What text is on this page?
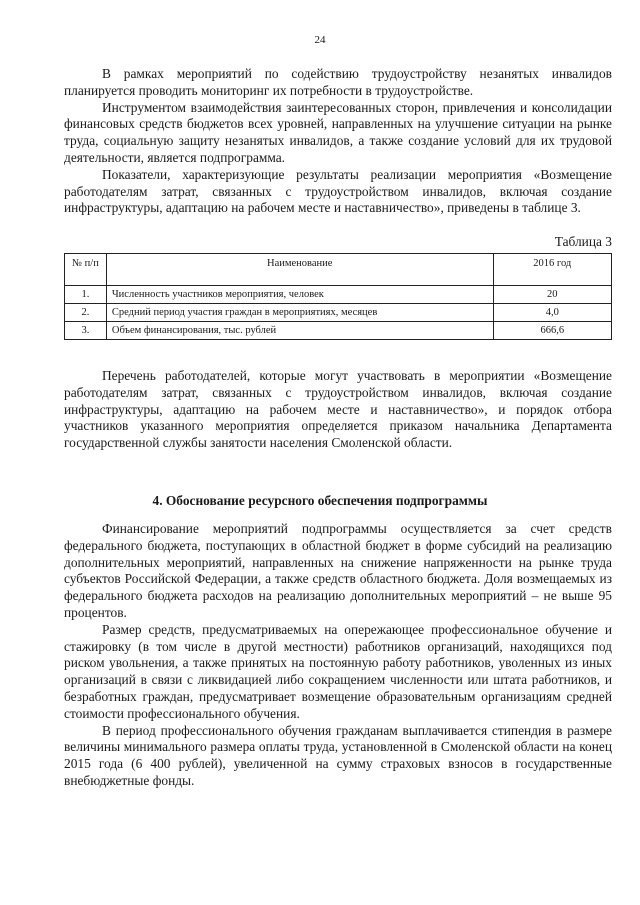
24

В рамках мероприятий по содействию трудоустройству незанятых инвалидов планируется проводить мониторинг их потребности в трудоустройстве.

Инструментом взаимодействия заинтересованных сторон, привлечения и консолидации финансовых средств бюджетов всех уровней, направленных на улучшение ситуации на рынке труда, социальную защиту незанятых инвалидов, а также создание условий для их трудовой деятельности, является подпрограмма.

Показатели, характеризующие результаты реализации мероприятия «Возмещение работодателям затрат, связанных с трудоустройством инвалидов, включая создание инфраструктуры, адаптацию на рабочем месте и наставничество», приведены в таблице 3.

Таблица 3
№ п/п	Наименование	2016 год
1.	Численность участников мероприятия, человек	20
2.	Средний период участия граждан в мероприятиях, месяцев	4,0
3.	Объем финансирования, тыс. рублей	666,6

Перечень работодателей, которые могут участвовать в мероприятии «Возмещение работодателям затрат, связанных с трудоустройством инвалидов, включая создание инфраструктуры, адаптацию на рабочем месте и наставничество», и порядок отбора участников указанного мероприятия определяется приказом начальника Департамента государственной службы занятости населения Смоленской области.

4. Обоснование ресурсного обеспечения подпрограммы

Финансирование мероприятий подпрограммы осуществляется за счет средств федерального бюджета, поступающих в областной бюджет в форме субсидий на реализацию дополнительных мероприятий, направленных на снижение напряженности на рынке труда субъектов Российской Федерации, а также средств областного бюджета. Доля возмещаемых из федерального бюджета расходов на реализацию дополнительных мероприятий – не выше 95 процентов.

Размер средств, предусматриваемых на опережающее профессиональное обучение и стажировку (в том числе в другой местности) работников организаций, находящихся под риском увольнения, а также принятых на постоянную работу работников, уволенных из иных организаций в связи с ликвидацией либо сокращением численности или штата работников, и безработных граждан, предусматривает возмещение образовательным организациям средней стоимости профессионального обучения.

В период профессионального обучения гражданам выплачивается стипендия в размере величины минимального размера оплаты труда, установленной в Смоленской области на конец 2015 года (6 400 рублей), увеличенной на сумму страховых взносов в государственные внебюджетные фонды.
